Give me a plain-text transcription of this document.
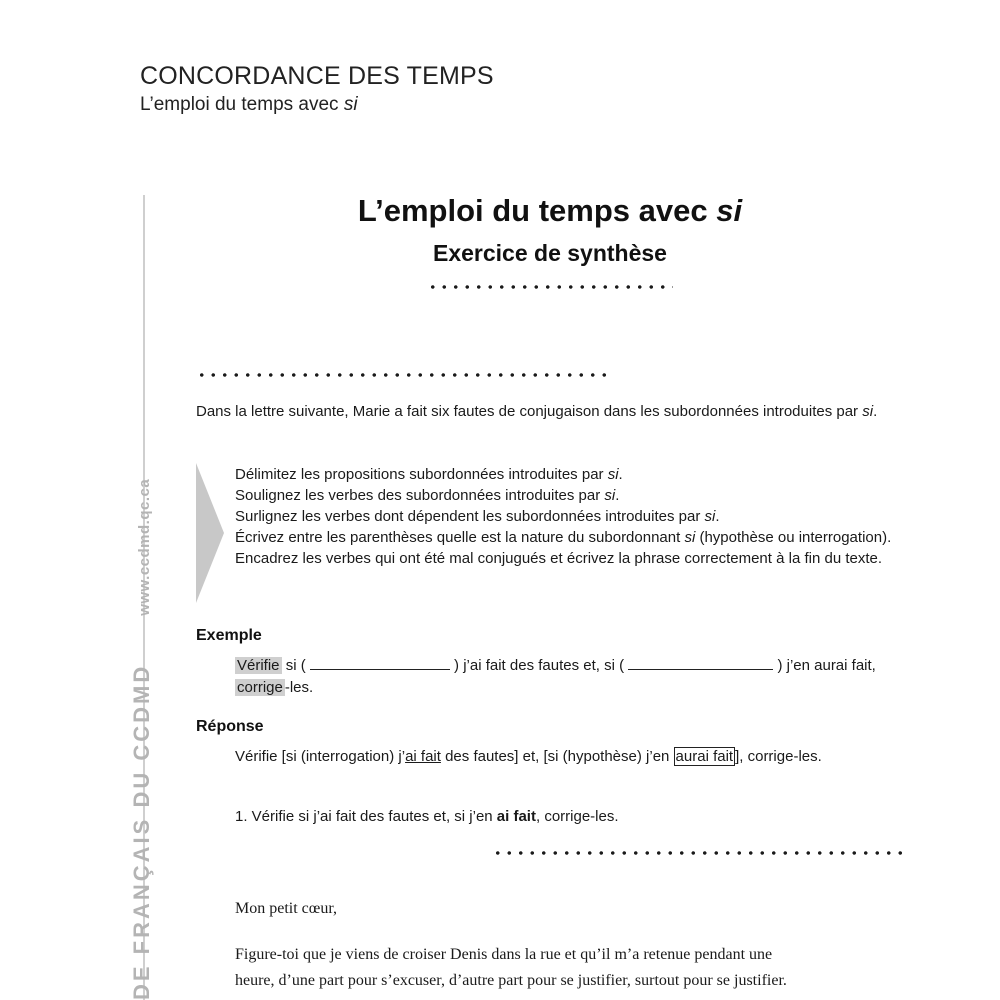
CONCORDANCE DES TEMPS
L’emploi du temps avec si
DE FRANÇAIS DU CCDMDwww.ccdmd.qc.ca
L’emploi du temps avec si
Exercice de synthèse
Dans la lettre suivante, Marie a fait six fautes de conjugaison dans les subordonnées introduites par si.
Délimitez les propositions subordonnées introduites par si.
Soulignez les verbes des subordonnées introduites par si.
Surlignez les verbes dont dépendent les subordonnées introduites par si.
Écrivez entre les parenthèses quelle est la nature du subordonnant si (hypothèse ou interrogation).
Encadrez les verbes qui ont été mal conjugués et écrivez la phrase correctement à la fin du texte.
Exemple
Vérifie si (	) j’ai fait des fautes et, si (	) j’en aurai fait, corrige -les.
Réponse
Vérifie [si (interrogation) j’ai fait des fautes] et, [si (hypothèse) j’en aurai fait ], corrige-les.
1. Vérifie si j’ai fait des fautes et, si j’en ai fait, corrige-les.
Mon petit cœur,
Figure-toi que je viens de croiser Denis dans la rue et qu’il m’a retenue pendant une
heure, d’une part pour s’excuser, d’autre part pour se justifier, surtout pour se justifier.
